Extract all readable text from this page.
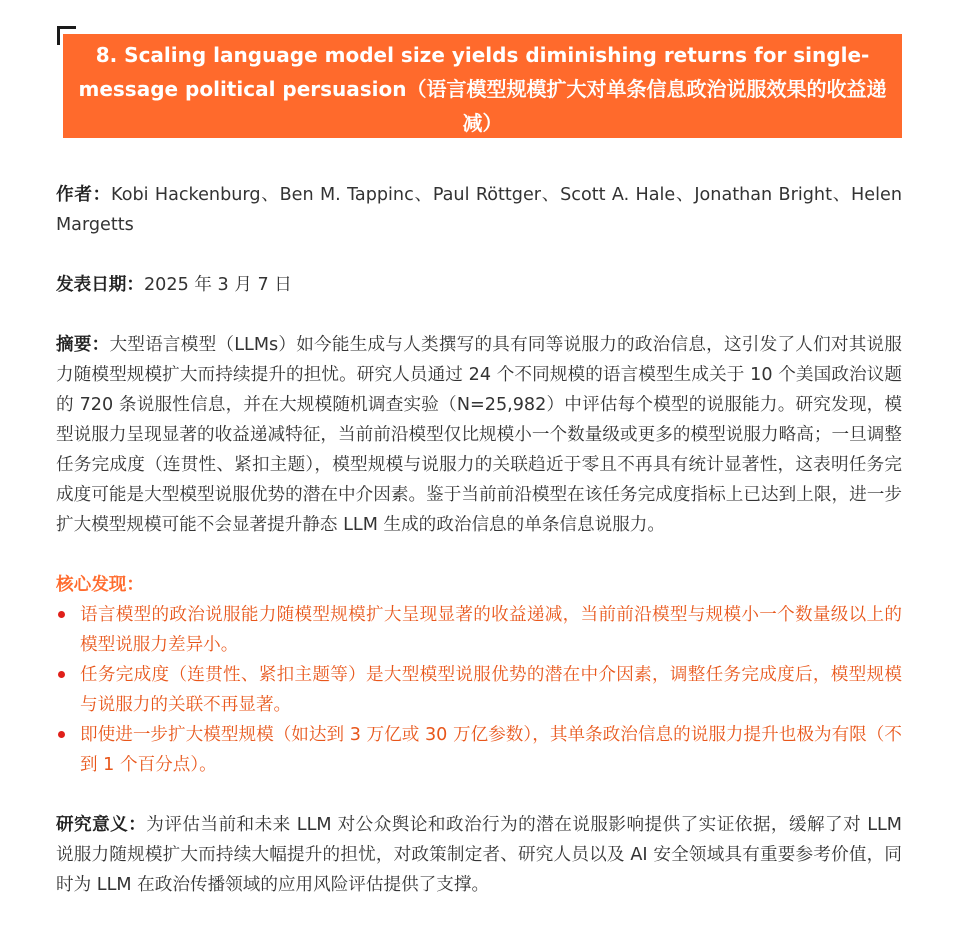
8. Scaling language model size yields diminishing returns for single-message political persuasion（语言模型规模扩大对单条信息政治说服效果的收益递减）

作者：Kobi Hackenburg、Ben M. Tappinc、Paul Röttger、Scott A. Hale、Jonathan Bright、Helen Margetts

发表日期：2025 年 3 月 7 日

摘要：大型语言模型（LLMs）如今能生成与人类撰写的具有同等说服力的政治信息，这引发了人们对其说服力随模型规模扩大而持续提升的担忧。研究人员通过 24 个不同规模的语言模型生成关于 10 个美国政治议题的 720 条说服性信息，并在大规模随机调查实验（N=25,982）中评估每个模型的说服能力。研究发现，模型说服力呈现显著的收益递减特征，当前前沿模型仅比规模小一个数量级或更多的模型说服力略高；一旦调整任务完成度（连贯性、紧扣主题），模型规模与说服力的关联趋近于零且不再具有统计显著性，这表明任务完成度可能是大型模型说服优势的潜在中介因素。鉴于当前前沿模型在该任务完成度指标上已达到上限，进一步扩大模型规模可能不会显著提升静态 LLM 生成的政治信息的单条信息说服力。

核心发现：

语言模型的政治说服能力随模型规模扩大呈现显著的收益递减，当前前沿模型与规模小一个数量级以上的模型说服力差异小。
任务完成度（连贯性、紧扣主题等）是大型模型说服优势的潜在中介因素，调整任务完成度后，模型规模与说服力的关联不再显著。
即使进一步扩大模型规模（如达到 3 万亿或 30 万亿参数），其单条政治信息的说服力提升也极为有限（不到 1 个百分点）。

研究意义：为评估当前和未来 LLM 对公众舆论和政治行为的潜在说服影响提供了实证依据，缓解了对 LLM 说服力随规模扩大而持续大幅提升的担忧，对政策制定者、研究人员以及 AI 安全领域具有重要参考价值，同时为 LLM 在政治传播领域的应用风险评估提供了支撑。
